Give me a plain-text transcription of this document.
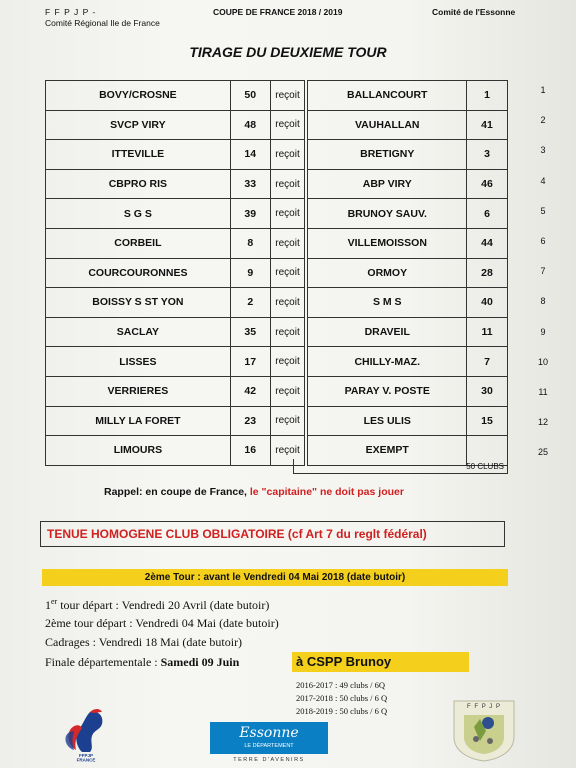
F F P J P -
Comité Régional Ile de France
COUPE DE FRANCE 2018 / 2019	Comité de l'Essonne
TIRAGE DU DEUXIEME TOUR
BOVY/CROSNE	50	reçoit		BALLANCOURT	1
SVCP VIRY	48	reçoit		VAUHALLAN	41
ITTEVILLE	14	reçoit		BRETIGNY	3
CBPRO RIS	33	reçoit		ABP VIRY	46
S G S	39	reçoit		BRUNOY SAUV.	6
CORBEIL	8	reçoit		VILLEMOISSON	44
COURCOURONNES	9	reçoit		ORMOY	28
BOISSY S ST YON	2	reçoit		S M S	40
SACLAY	35	reçoit		DRAVEIL	11
LISSES	17	reçoit		CHILLY-MAZ.	7
VERRIERES	42	reçoit		PARAY V. POSTE	30
MILLY LA FORET	23	reçoit		LES ULIS	15
LIMOURS	16	reçoit		EXEMPT	
50 CLUBS
1
2
3
4
5
6
7
8
9
10
11
12
25
Rappel: en coupe de France, le "capitaine" ne doit pas jouer
TENUE HOMOGENE CLUB OBLIGATOIRE (cf Art 7 du reglt fédéral)
2ème Tour : avant le Vendredi 04 Mai 2018 (date butoir)
1er tour départ : Vendredi 20 Avril (date butoir)
2ème tour départ : Vendredi 04 Mai (date butoir)
Cadrages : Vendredi 18 Mai (date butoir)
Finale départementale : Samedi 09 Juin	à CSPP Brunoy
2016-2017 : 49 clubs / 6Q
2017-2018 : 50 clubs / 6 Q
2018-2019 : 50 clubs / 6 Q
FFPJP
FRANCE
Essonne
LE DÉPARTEMENT
TERRE D'AVENIRS
F F P J P
